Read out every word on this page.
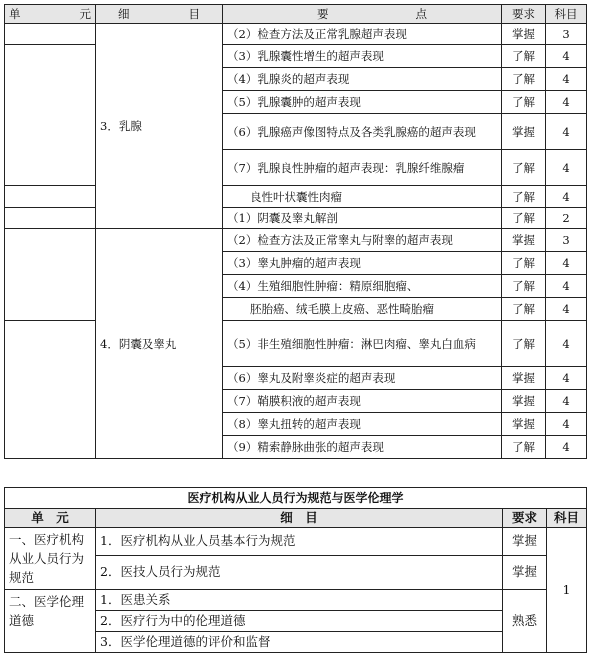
单 元	细 目	要 点	要求	科目
	3．乳腺	（2）检查方法及正常乳腺超声表现	掌握	3
		（3）乳腺囊性增生的超声表现	了解	4
		（4）乳腺炎的超声表现	了解	4
		（5）乳腺囊肿的超声表现	了解	4
		（6）乳腺癌声像图特点及各类乳腺癌的超声表现	掌握	4
		（7）乳腺良性肿瘤的超声表现：乳腺纤维腺瘤	了解	4
		　　良性叶状囊性肉瘤	了解	4
		（1）阴囊及睾丸解剖	了解	2
	4．阴囊及睾丸	（2）检查方法及正常睾丸与附睾的超声表现	掌握	3
		（3）睾丸肿瘤的超声表现	了解	4
		（4）生殖细胞性肿瘤：精原细胞瘤、	了解	4
		　　胚胎癌、绒毛膜上皮癌、恶性畸胎瘤	了解	4
		（5）非生殖细胞性肿瘤：淋巴肉瘤、睾丸白血病	了解	4
		（6）睾丸及附睾炎症的超声表现	掌握	4
		（7）鞘膜积液的超声表现	掌握	4
		（8）睾丸扭转的超声表现	掌握	4
		（9）精索静脉曲张的超声表现	了解	4
医疗机构从业人员行为规范与医学伦理学			
单　元	细　目	要求	科目
一、医疗机构从业人员行为规范	1．医疗机构从业人员基本行为规范	掌握	1
	2．医技人员行为规范	掌握	
二、医学伦理道德	1．医患关系	熟悉	
	2．医疗行为中的伦理道德		
	3．医学伦理道德的评价和监督		
